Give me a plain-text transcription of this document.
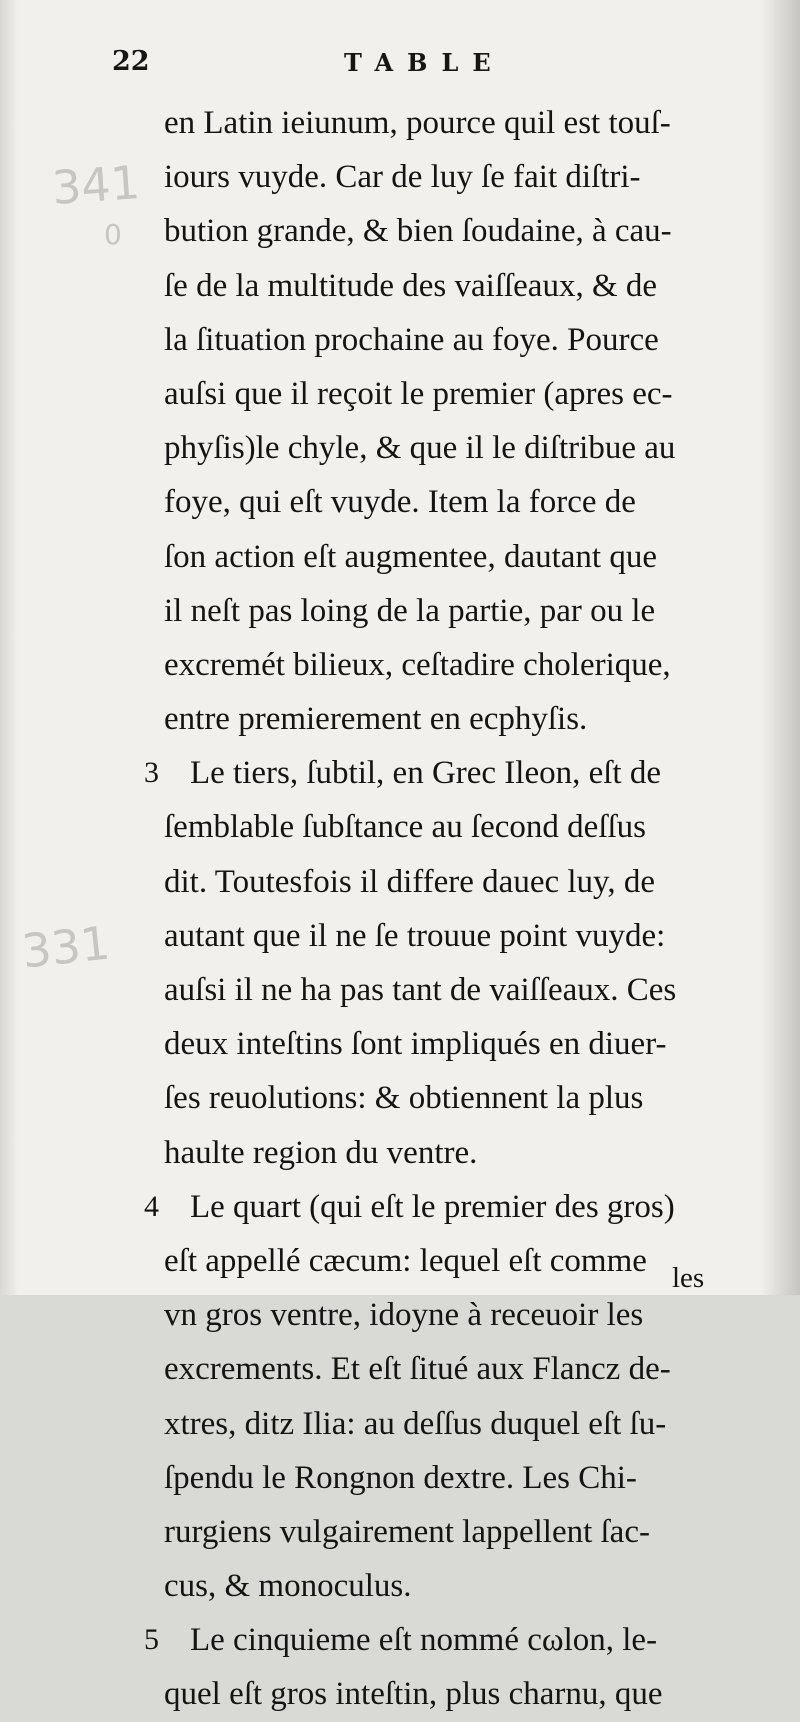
341
0
331
22	TABLE
en Latin ieiunum, pource quil est touſ-
iours vuyde. Car de luy ſe fait diſtri-
bution grande, & bien ſoudaine, à cau-
ſe de la multitude des vaiſſeaux, & de
la ſituation prochaine au foye. Pource
auſsi que il reçoit le premier (apres ec-
phyſis)le chyle, & que il le diſtribue au
foye, qui eſt vuyde. Item la force de
ſon action eſt augmentee, dautant que
il neſt pas loing de la partie, par ou le
excremét bilieux, ceſtadire cholerique,
entre premierement en ecphyſis.
3 Le tiers, ſubtil, en Grec Ileon, eſt de
ſemblable ſubſtance au ſecond deſſus
dit. Toutesfois il differe dauec luy, de
autant que il ne ſe trouue point vuyde:
auſsi il ne ha pas tant de vaiſſeaux. Ces
deux inteſtins ſont impliqués en diuer-
ſes reuolutions: & obtiennent la plus
haulte region du ventre.
4 Le quart (qui eſt le premier des gros)
eſt appellé cæcum: lequel eſt comme
vn gros ventre, idoyne à receuoir les
excrements. Et eſt ſitué aux Flancz de-
xtres, ditz Ilia: au deſſus duquel eſt ſu-
ſpendu le Rongnon dextre. Les Chi-
rurgiens vulgairement lappellent ſac-
cus, & monoculus.
5 Le cinquieme eſt nommé cωlon, le-
quel eſt gros inteſtin, plus charnu, que
les
